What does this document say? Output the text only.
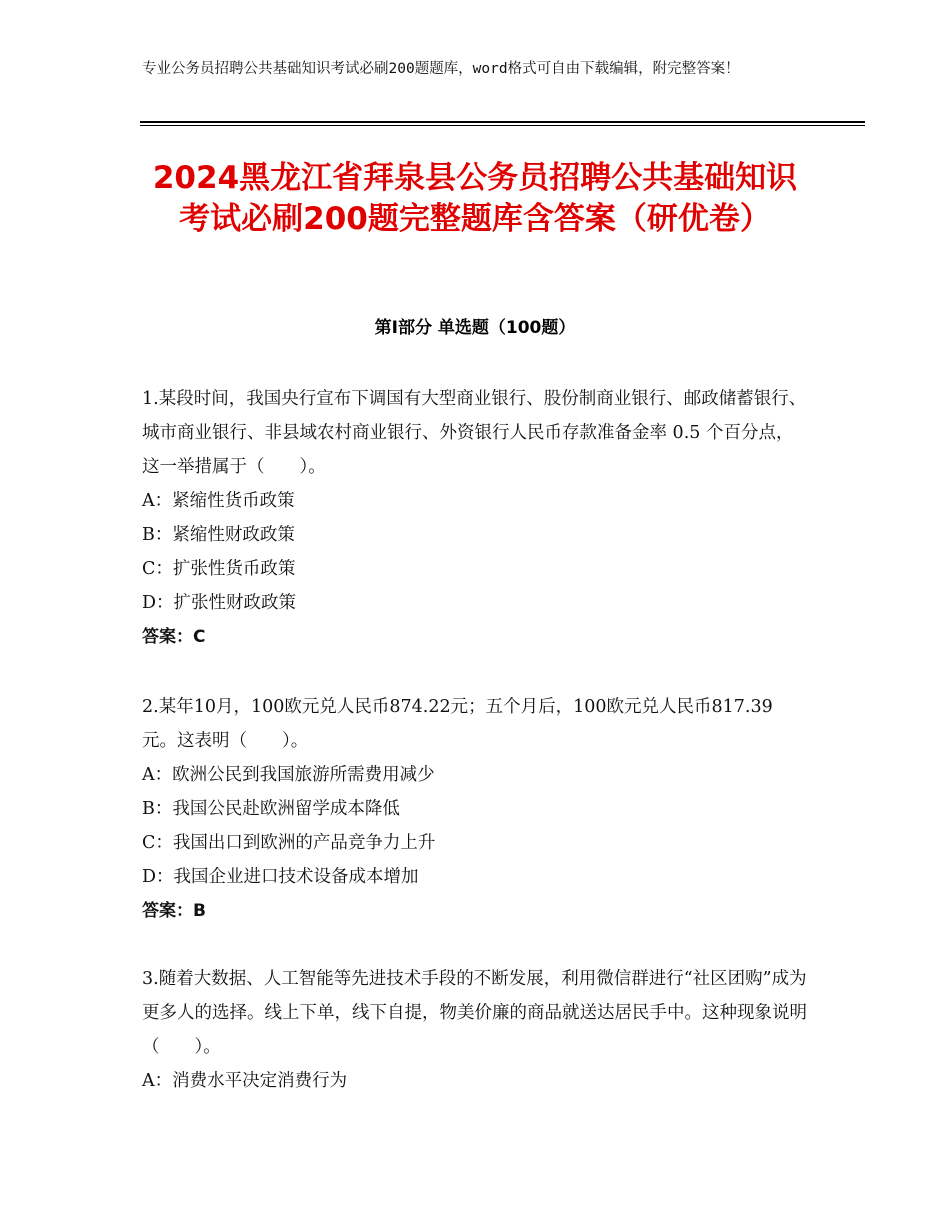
专业公务员招聘公共基础知识考试必刷200题题库，word格式可自由下载编辑，附完整答案！
2024黑龙江省拜泉县公务员招聘公共基础知识考试必刷200题完整题库含答案（研优卷）
第Ⅰ部分 单选题（100题）

1.某段时间，我国央行宣布下调国有大型商业银行、股份制商业银行、邮政储蓄银行、城市商业银行、非县域农村商业银行、外资银行人民币存款准备金率 0.5 个百分点，这一举措属于（　　）。

A：紧缩性货币政策

B：紧缩性财政政策

C：扩张性货币政策

D：扩张性财政政策

答案：C

2.某年10月，100欧元兑人民币874.22元；五个月后，100欧元兑人民币817.39元。这表明（　　）。

A：欧洲公民到我国旅游所需费用减少

B：我国公民赴欧洲留学成本降低

C：我国出口到欧洲的产品竞争力上升

D：我国企业进口技术设备成本增加

答案：B

3.随着大数据、人工智能等先进技术手段的不断发展，利用微信群进行“社区团购”成为更多人的选择。线上下单，线下自提，物美价廉的商品就送达居民手中。这种现象说明（　　）。

A：消费水平决定消费行为
